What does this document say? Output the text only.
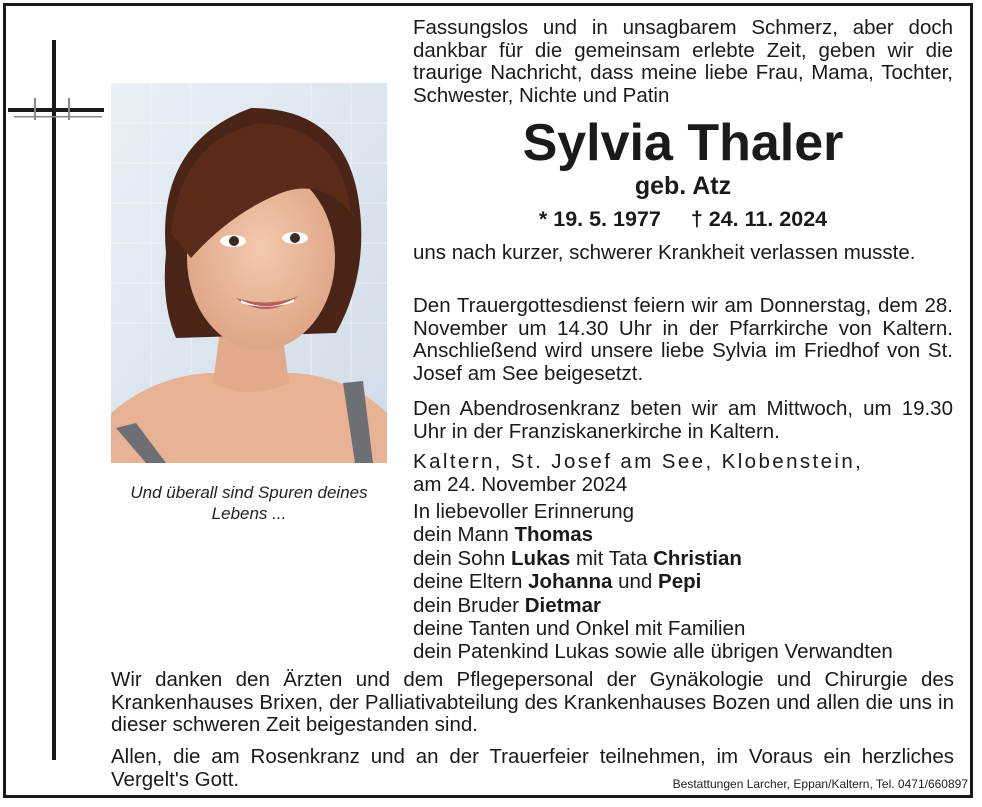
Und überall sind Spuren deines Lebens ...
Fassungslos und in unsagbarem Schmerz, aber doch dankbar für die gemeinsam erlebte Zeit, geben wir die traurige Nachricht, dass meine liebe Frau, Mama, Tochter, Schwester, Nichte und Patin
Sylvia Thaler
geb. Atz
* 19. 5. 1977 † 24. 11. 2024
uns nach kurzer, schwerer Krankheit verlassen musste.
Den Trauergottesdienst feiern wir am Donnerstag, dem 28. November um 14.30 Uhr in der Pfarrkirche von Kaltern. Anschließend wird unsere liebe Sylvia im Friedhof von St. Josef am See beigesetzt.
Den Abendrosenkranz beten wir am Mittwoch, um 19.30 Uhr in der Franziskanerkirche in Kaltern.
Kaltern, St. Josef am See, Klobenstein,
am 24. November 2024
In liebevoller Erinnerung
dein Mann Thomas
dein Sohn Lukas mit Tata Christian
deine Eltern Johanna und Pepi
dein Bruder Dietmar
deine Tanten und Onkel mit Familien
dein Patenkind Lukas sowie alle übrigen Verwandten
Wir danken den Ärzten und dem Pflegepersonal der Gynäkologie und Chirurgie des Krankenhauses Brixen, der Palliativabteilung des Krankenhauses Bozen und allen die uns in dieser schweren Zeit beigestanden sind.
Allen, die am Rosenkranz und an der Trauerfeier teilnehmen, im Voraus ein herzliches Vergelt's Gott.	Bestattungen Larcher, Eppan/Kaltern, Tel. 0471/660897
